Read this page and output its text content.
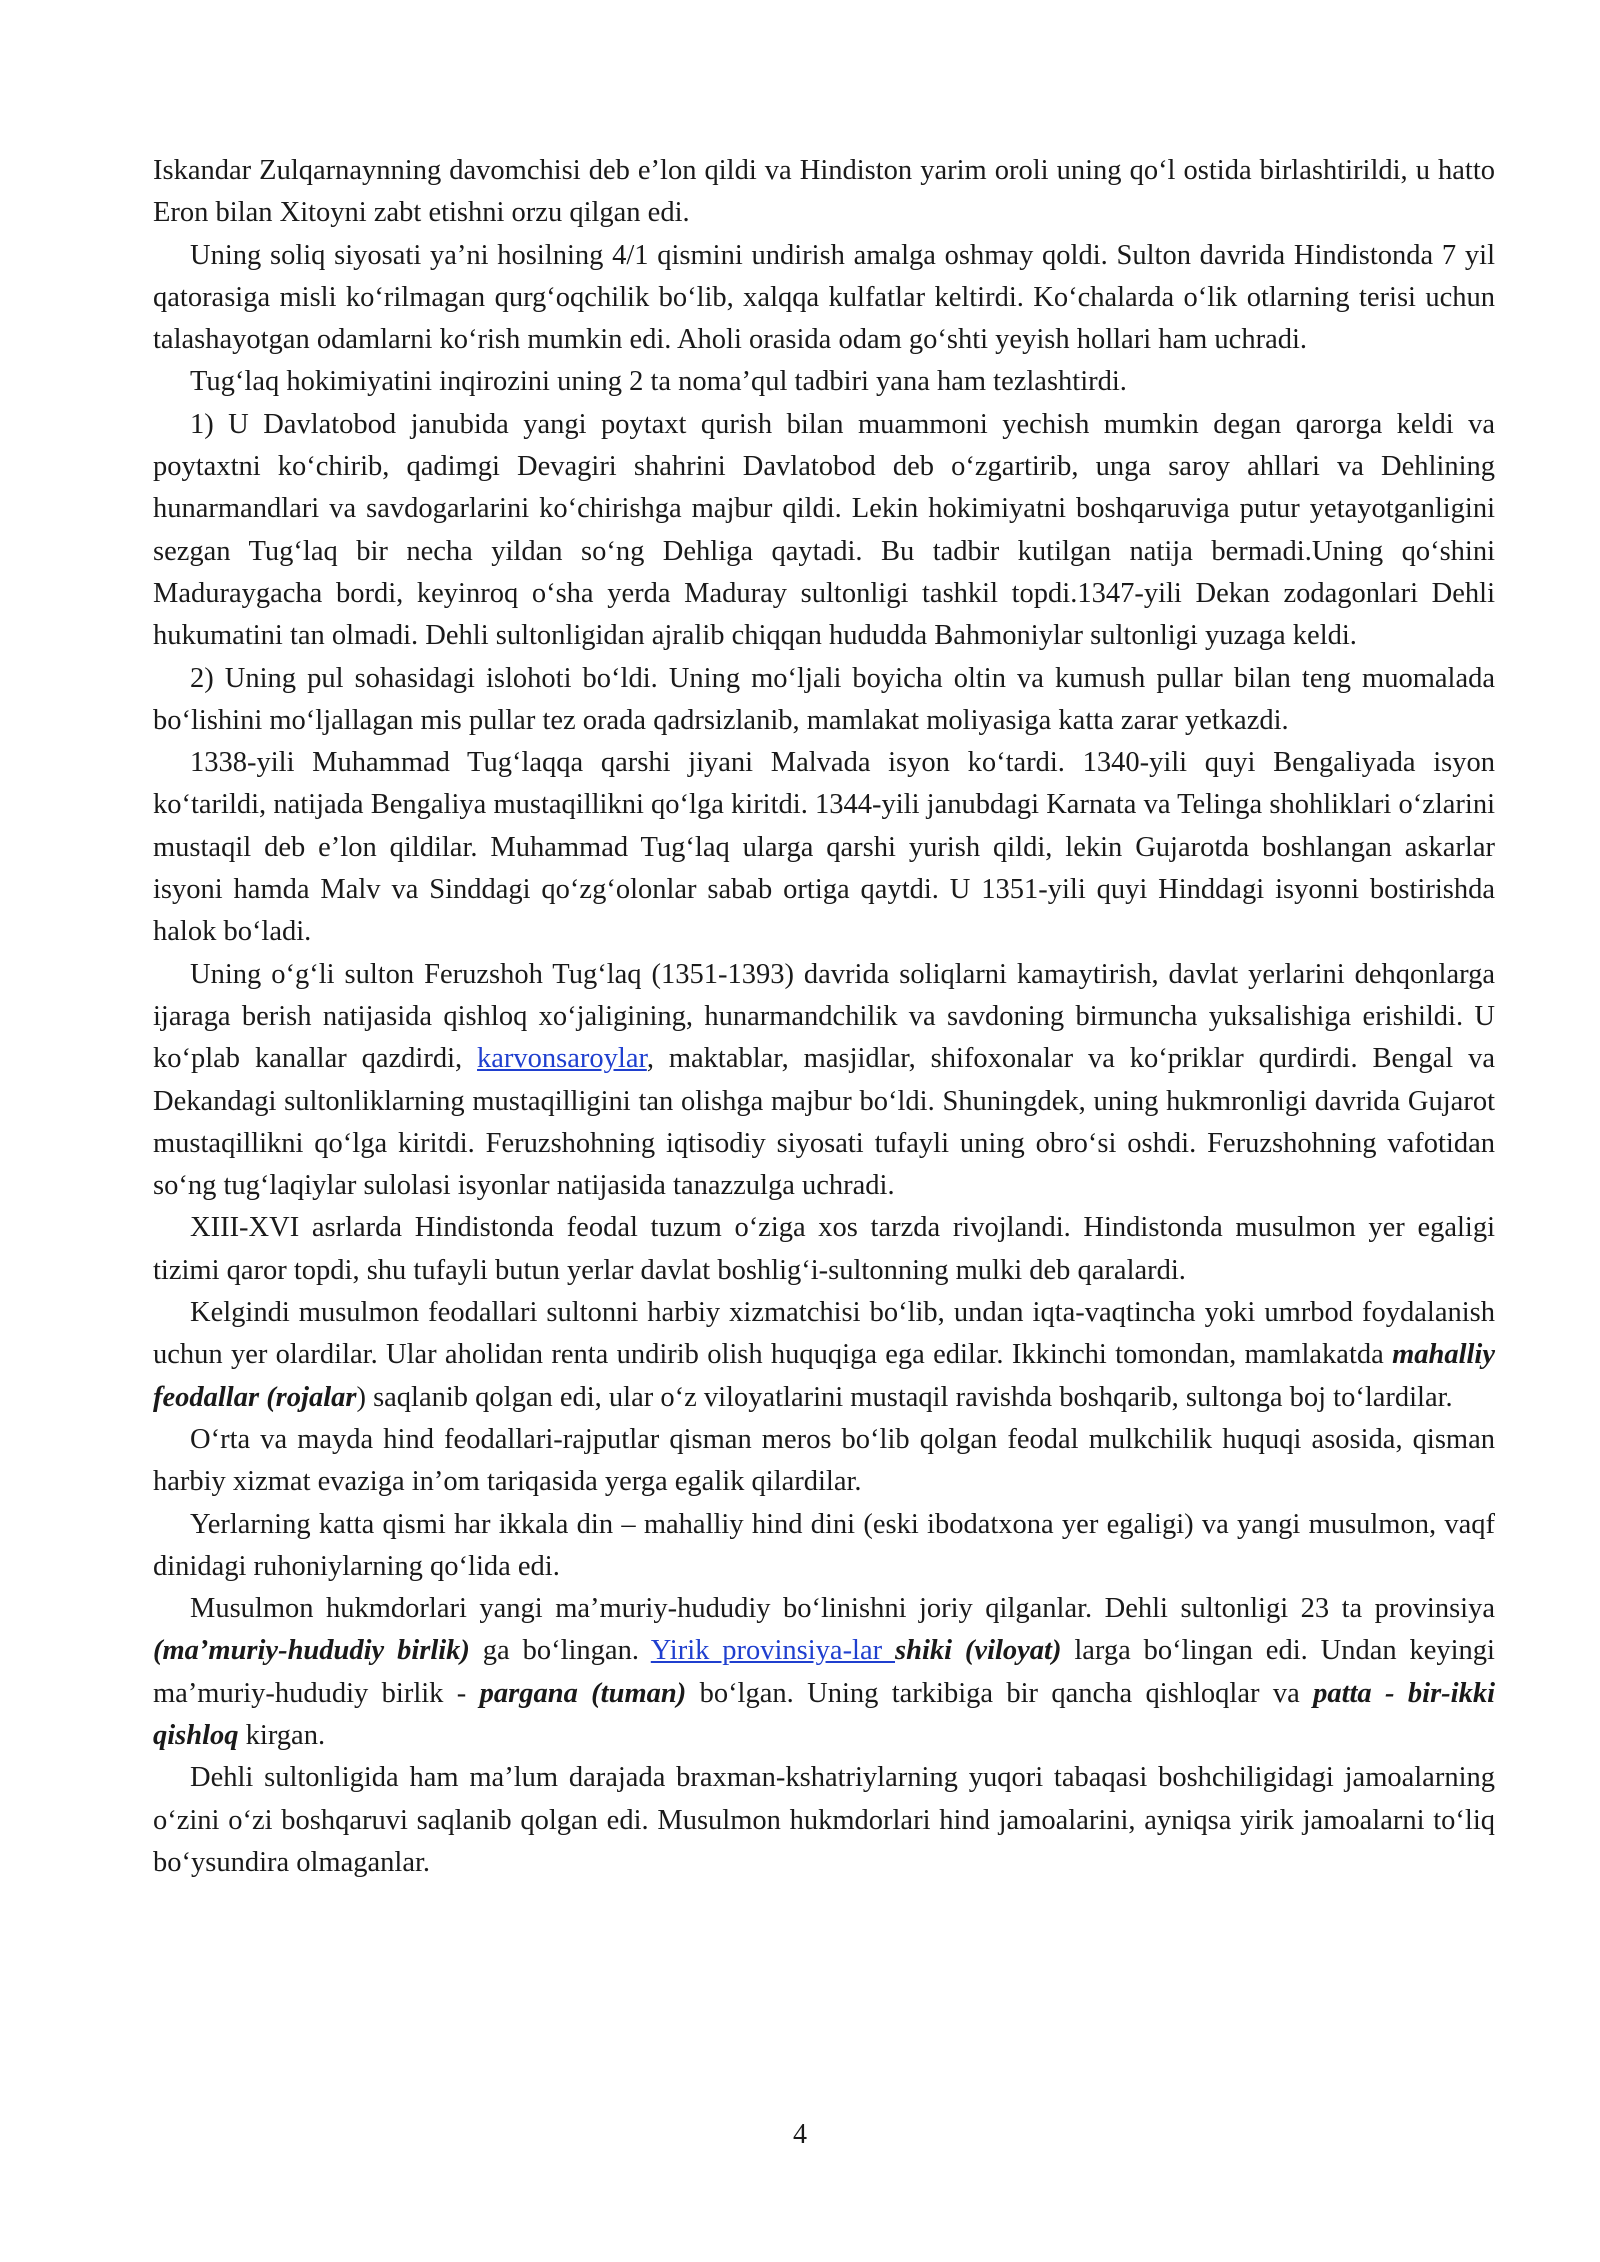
Iskandar Zulqarnaynning davomchisi deb e’lon qildi va Hindiston yarim oroli uning qo‘l ostida birlashtirildi, u hatto Eron bilan Xitoyni zabt etishni orzu qilgan edi.

Uning soliq siyosati ya’ni hosilning 4/1 qismini undirish amalga oshmay qoldi. Sulton davrida Hindistonda 7 yil qatorasiga misli ko‘rilmagan qurg‘oqchilik bo‘lib, xalqqa kulfatlar keltirdi. Ko‘chalarda o‘lik otlarning terisi uchun talashayotgan odamlarni ko‘rish mumkin edi. Aholi orasida odam go‘shti yeyish hollari ham uchradi.

Tug‘laq hokimiyatini inqirozini uning 2 ta noma’qul tadbiri yana ham tezlashtirdi.

1) U Davlatobod janubida yangi poytaxt qurish bilan muammoni yechish mumkin degan qarorga keldi va poytaxtni ko‘chirib, qadimgi Devagiri shahrini Davlatobod deb o‘zgartirib, unga saroy ahllari va Dehlining hunarmandlari va savdogarlarini ko‘chirishga majbur qildi. Lekin hokimiyatni boshqaruviga putur yetayotganligini sezgan Tug‘laq bir necha yildan so‘ng Dehliga qaytadi. Bu tadbir kutilgan natija bermadi.Uning qo‘shini Maduraygacha bordi, keyinroq o‘sha yerda Maduray sultonligi tashkil topdi.1347-yili Dekan zodagonlari Dehli hukumatini tan olmadi. Dehli sultonligidan ajralib chiqqan hududda Bahmoniylar sultonligi yuzaga keldi.

2) Uning pul sohasidagi islohoti bo‘ldi. Uning mo‘ljali boyicha oltin va kumush pullar bilan teng muomalada bo‘lishini mo‘ljallagan mis pullar tez orada qadrsizlanib, mamlakat moliyasiga katta zarar yetkazdi.

1338-yili Muhammad Tug‘laqqa qarshi jiyani Malvada isyon ko‘tardi. 1340-yili quyi Bengaliyada isyon ko‘tarildi, natijada Bengaliya mustaqillikni qo‘lga kiritdi. 1344-yili janubdagi Karnata va Telinga shohliklari o‘zlarini mustaqil deb e’lon qildilar. Muhammad Tug‘laq ularga qarshi yurish qildi, lekin Gujarotda boshlangan askarlar isyoni hamda Malv va Sinddagi qo‘zg‘olonlar sabab ortiga qaytdi. U 1351-yili quyi Hinddagi isyonni bostirishda halok bo‘ladi.

Uning o‘g‘li sulton Feruzshoh Tug‘laq (1351-1393) davrida soliqlarni kamaytirish, davlat yerlarini dehqonlarga ijaraga berish natijasida qishloq xo‘jaligining, hunarmandchilik va savdoning birmuncha yuksalishiga erishildi. U ko‘plab kanallar qazdirdi, karvonsaroylar, maktablar, masjidlar, shifoxonalar va ko‘priklar qurdirdi. Bengal va Dekandagi sultonliklarning mustaqilligini tan olishga majbur bo‘ldi. Shuningdek, uning hukmronligi davrida Gujarot mustaqillikni qo‘lga kiritdi. Feruzshohning iqtisodiy siyosati tufayli uning obro‘si oshdi. Feruzshohning vafotidan so‘ng tug‘laqiylar sulolasi isyonlar natijasida tanazzulga uchradi.

XIII-XVI asrlarda Hindistonda feodal tuzum o‘ziga xos tarzda rivojlandi. Hindistonda musulmon yer egaligi tizimi qaror topdi, shu tufayli butun yerlar davlat boshlig‘i-sultonning mulki deb qaralardi.

Kelgindi musulmon feodallari sultonni harbiy xizmatchisi bo‘lib, undan iqta-vaqtincha yoki umrbod foydalanish uchun yer olardilar. Ular aholidan renta undirib olish huquqiga ega edilar. Ikkinchi tomondan, mamlakatda mahalliy feodallar (rojalar) saqlanib qolgan edi, ular o‘z viloyatlarini mustaqil ravishda boshqarib, sultonga boj to‘lardilar.

O‘rta va mayda hind feodallari-rajputlar qisman meros bo‘lib qolgan feodal mulkchilik huquqi asosida, qisman harbiy xizmat evaziga in’om tariqasida yerga egalik qilardilar.

Yerlarning katta qismi har ikkala din – mahalliy hind dini (eski ibodatxona yer egaligi) va yangi musulmon, vaqf dinidagi ruhoniylarning qo‘lida edi.

Musulmon hukmdorlari yangi ma’muriy-hududiy bo‘linishni joriy qilganlar. Dehli sultonligi 23 ta provinsiya (ma’muriy-hududiy birlik) ga bo‘lingan. Yirik provinsiya-lar shiki (viloyat) larga bo‘lingan edi. Undan keyingi ma’muriy-hududiy birlik - pargana (tuman) bo‘lgan. Uning tarkibiga bir qancha qishloqlar va patta - bir-ikki qishloq kirgan.

Dehli sultonligida ham ma’lum darajada braxman-kshatriylarning yuqori tabaqasi boshchiligidagi jamoalarning o‘zini o‘zi boshqaruvi saqlanib qolgan edi. Musulmon hukmdorlari hind jamoalarini, ayniqsa yirik jamoalarni to‘liq bo‘ysundira olmaganlar.

4
